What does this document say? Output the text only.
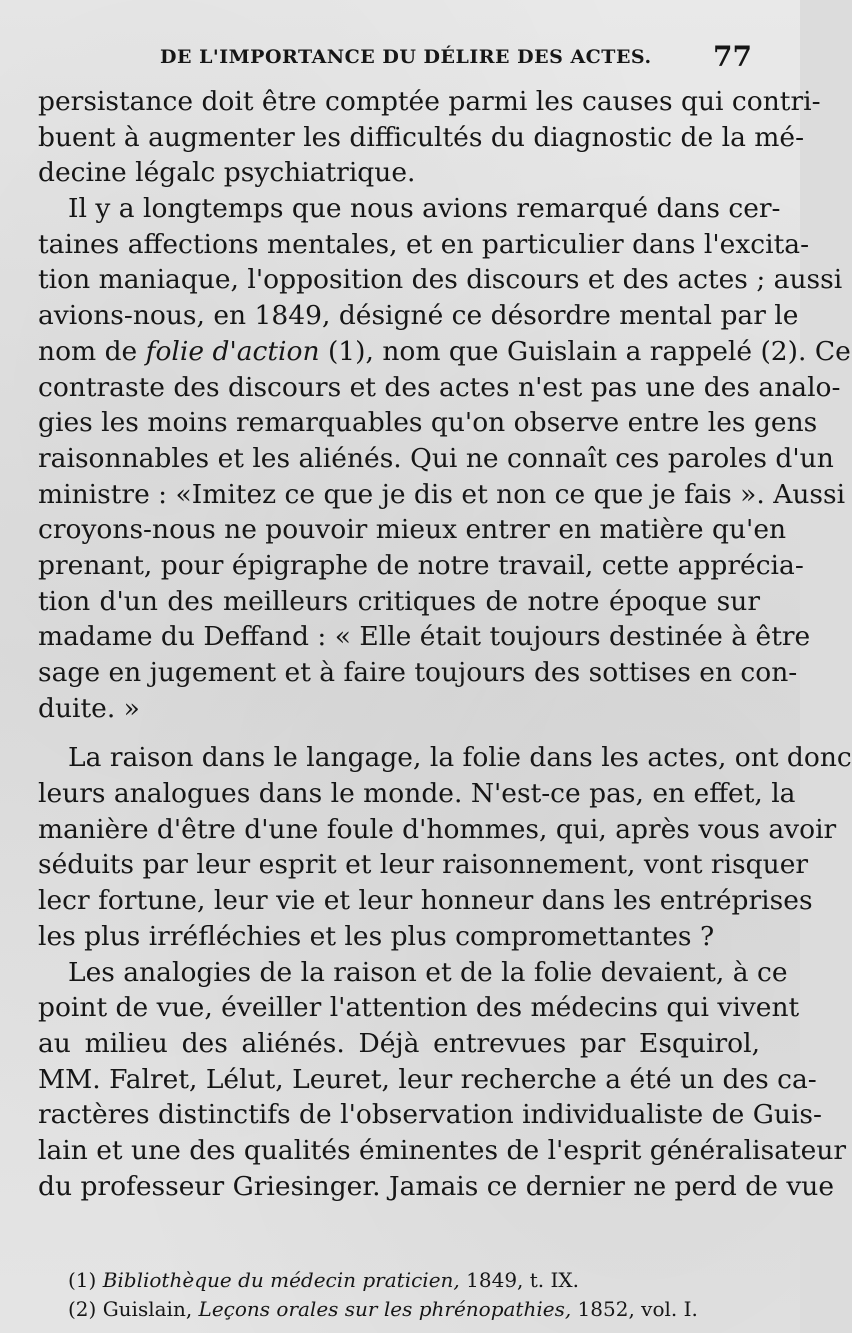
DE L'IMPORTANCE DU DÉLIRE DES ACTES. 77
persistance doit être comptée parmi les causes qui contri-
buent à augmenter les difficultés du diagnostic de la mé-
decine légalc psychiatrique.
Il y a longtemps que nous avions remarqué dans cer-
taines affections mentales, et en particulier dans l'excita-
tion maniaque, l'opposition des discours et des actes ; aussi
avions-nous, en 1849, désigné ce désordre mental par le
nom de folie d'action (1), nom que Guislain a rappelé (2). Ce
contraste des discours et des actes n'est pas une des analo-
gies les moins remarquables qu'on observe entre les gens
raisonnables et les aliénés. Qui ne connaît ces paroles d'un
ministre : «Imitez ce que je dis et non ce que je fais ». Aussi
croyons-nous ne pouvoir mieux entrer en matière qu'en
prenant, pour épigraphe de notre travail, cette apprécia-
tion d'un des meilleurs critiques de notre époque sur
madame du Deffand : « Elle était toujours destinée à être
sage en jugement et à faire toujours des sottises en con-
duite. »
La raison dans le langage, la folie dans les actes, ont donc
leurs analogues dans le monde. N'est-ce pas, en effet, la
manière d'être d'une foule d'hommes, qui, après vous avoir
séduits par leur esprit et leur raisonnement, vont risquer
lecr fortune, leur vie et leur honneur dans les entréprises
les plus irréfléchies et les plus compromettantes ?
Les analogies de la raison et de la folie devaient, à ce
point de vue, éveiller l'attention des médecins qui vivent
au milieu des aliénés. Déjà entrevues par Esquirol,
MM. Falret, Lélut, Leuret, leur recherche a été un des ca-
ractères distinctifs de l'observation individualiste de Guis-
lain et une des qualités éminentes de l'esprit généralisateur
du professeur Griesinger. Jamais ce dernier ne perd de vue
(1) Bibliothèque du médecin praticien, 1849, t. IX.
(2) Guislain, Leçons orales sur les phrénopathies, 1852, vol. I.
